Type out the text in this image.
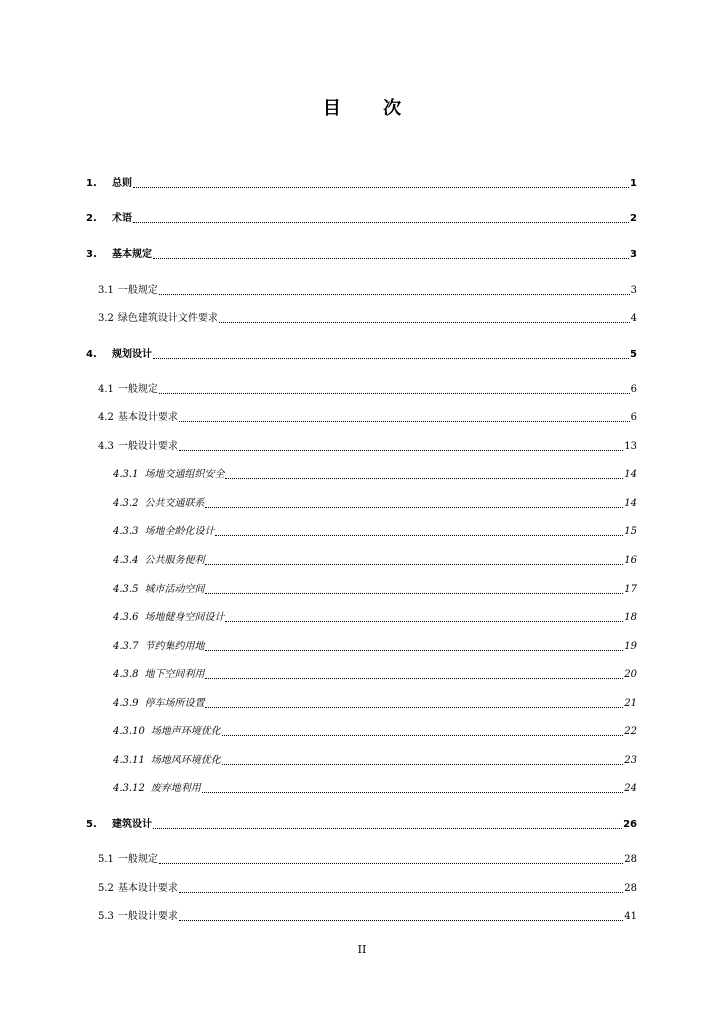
目 次
1.	总则	1
2.	术语	2
3.	基本规定	3
3.1 一般规定	3
3.2 绿色建筑设计文件要求	4
4.	规划设计	5
4.1 一般规定	6
4.2 基本设计要求	6
4.3 一般设计要求	13
4.3.1 场地交通组织安全	14
4.3.2 公共交通联系	14
4.3.3 场地全龄化设计	15
4.3.4 公共服务便利	16
4.3.5 城市活动空间	17
4.3.6 场地健身空间设计	18
4.3.7 节约集约用地	19
4.3.8 地下空间利用	20
4.3.9 停车场所设置	21
4.3.10 场地声环境优化	22
4.3.11 场地风环境优化	23
4.3.12 废弃地利用	24
5.	建筑设计	26
5.1 一般规定	28
5.2 基本设计要求	28
5.3 一般设计要求	41
II
